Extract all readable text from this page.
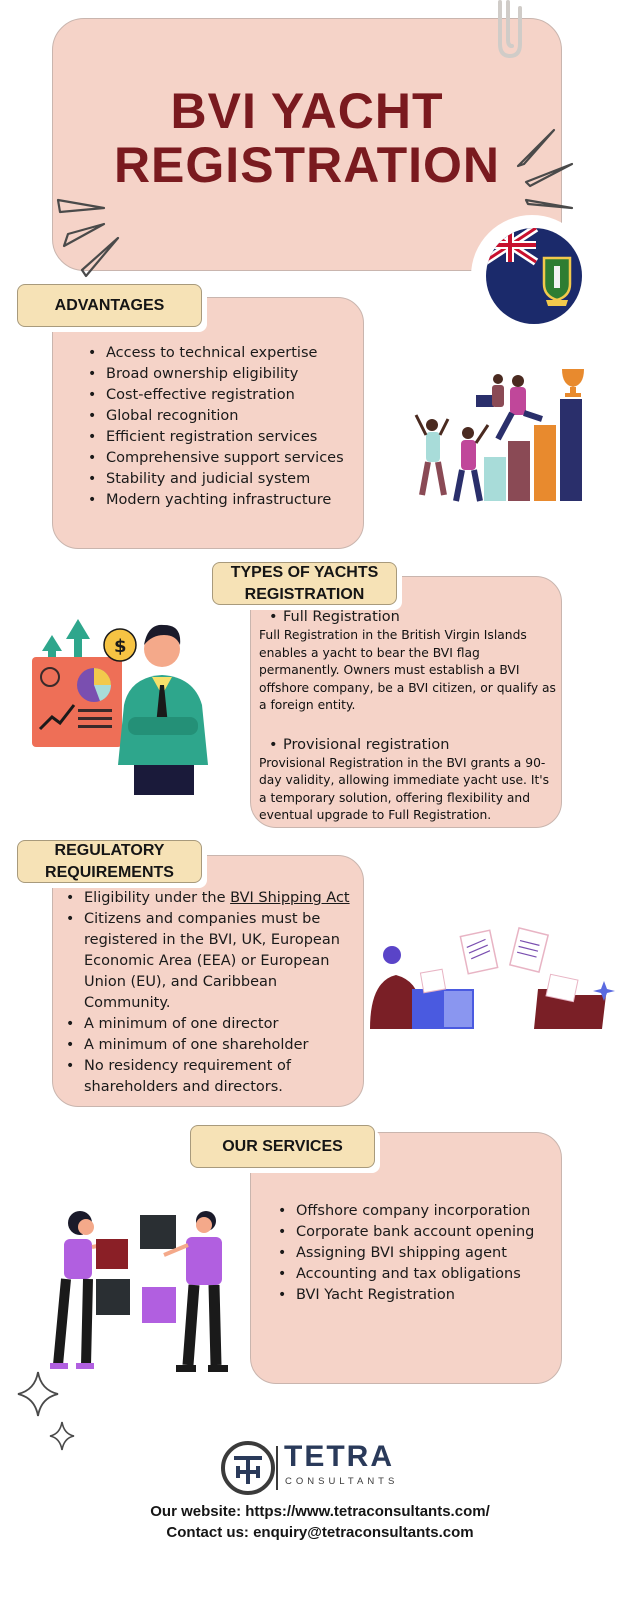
BVI YACHT
REGISTRATION
ADVANTAGES
• Access to technical expertise
• Broad ownership eligibility
• Cost-effective registration
• Global recognition
• Efficient registration services
• Comprehensive support services
• Stability and judicial system
• Modern yachting infrastructure
TYPES OF YACHTS
REGISTRATION
• Full Registration
Full Registration in the British Virgin Islands enables a yacht to bear the BVI flag permanently. Owners must establish a BVI offshore company, be a BVI citizen, or qualify as a foreign entity.
• Provisional registration
Provisional Registration in the BVI grants a 90-day validity, allowing immediate yacht use. It's a temporary solution, offering flexibility and eventual upgrade to Full Registration.
$
REGULATORY
REQUIREMENTS
• Eligibility under the BVI Shipping Act
• Citizens and companies must be registered in the BVI, UK, European Economic Area (EEA) or European Union (EU), and Caribbean Community.
• A minimum of one director
• A minimum of one shareholder
• No residency requirement of shareholders and directors.
OUR SERVICES
• Offshore company incorporation
• Corporate bank account opening
• Assigning BVI shipping agent
• Accounting and tax obligations
• BVI Yacht Registration
TETRA
CONSULTANTS
Our website: https://www.tetraconsultants.com/
Contact us: enquiry@tetraconsultants.com
